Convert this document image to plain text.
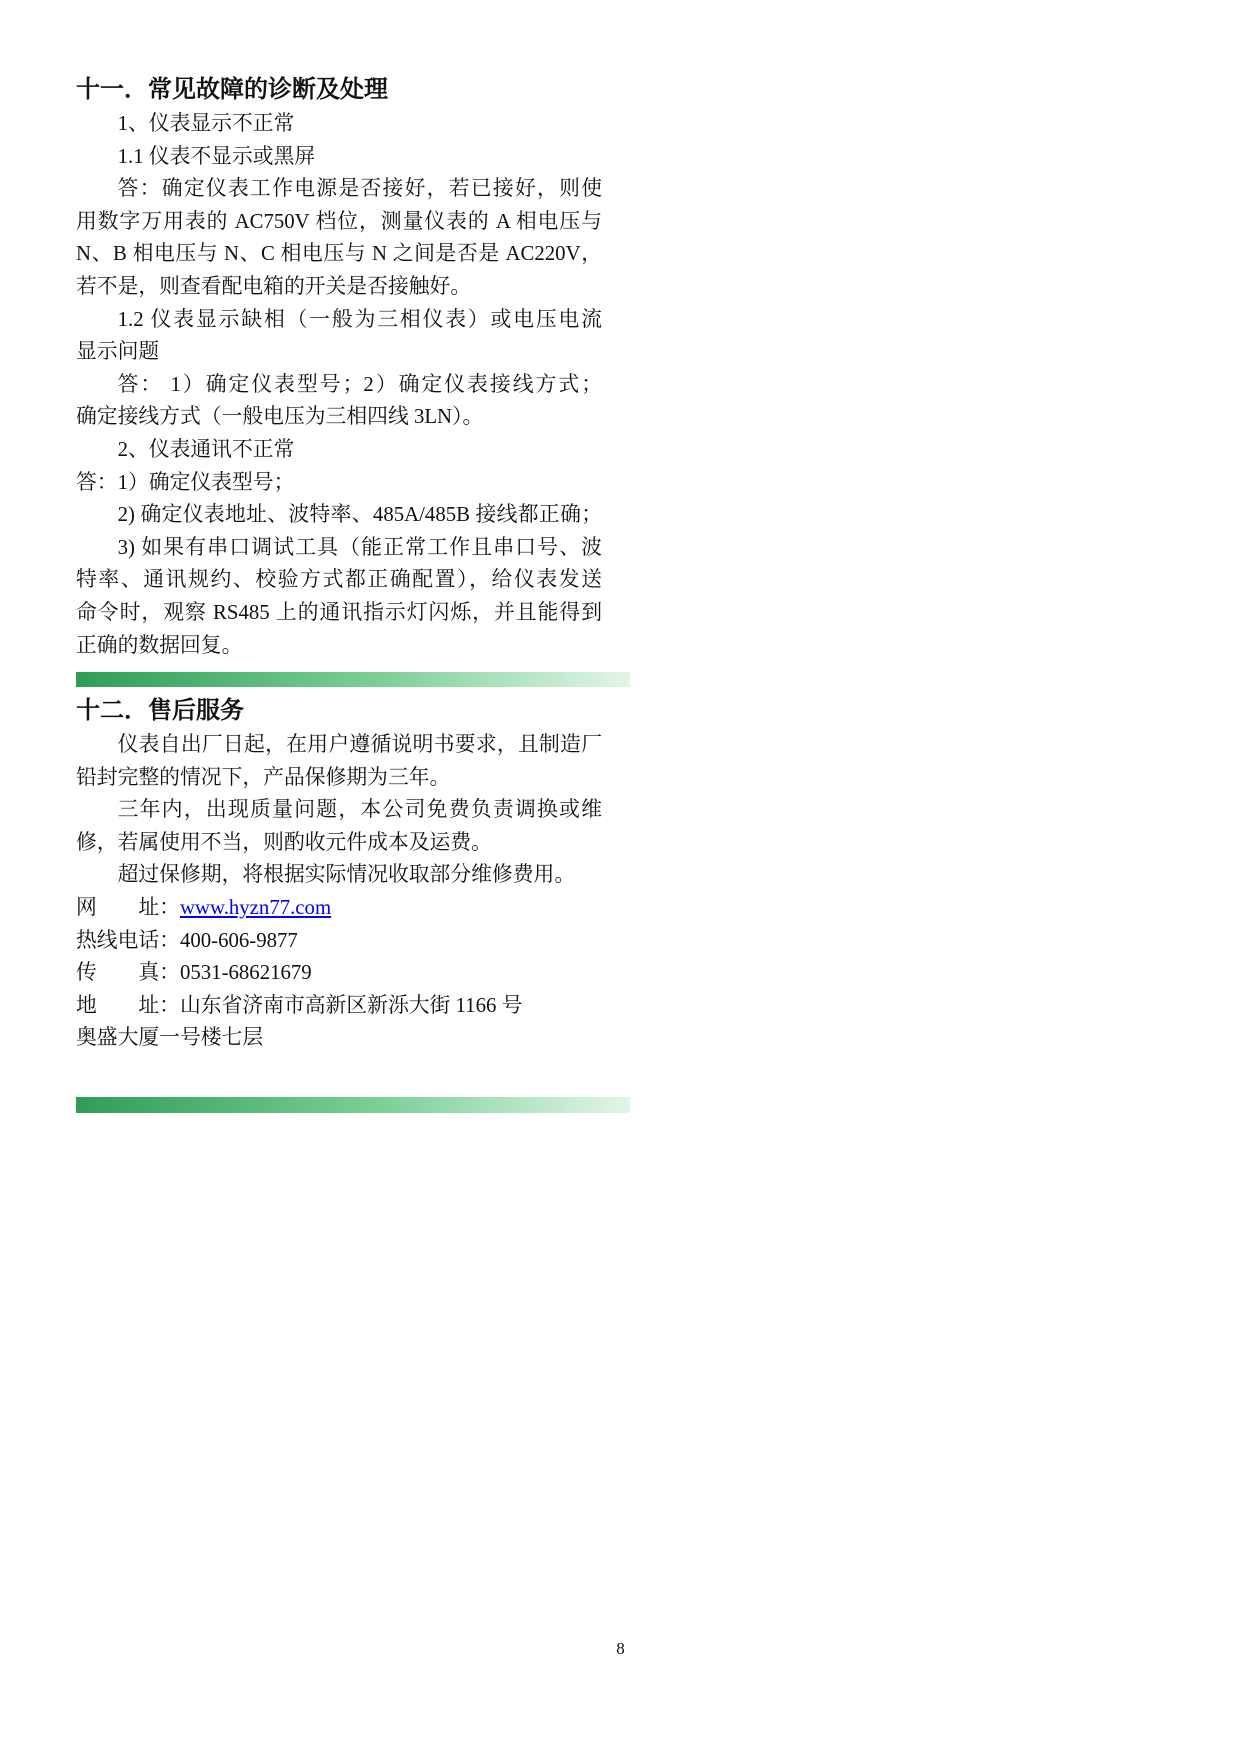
十一．常见故障的诊断及处理
1、仪表显示不正常
1.1 仪表不显示或黑屏
答：确定仪表工作电源是否接好，若已接好，则使
用数字万用表的 AC750V 档位，测量仪表的 A 相电压与
N、B 相电压与 N、C 相电压与 N 之间是否是 AC220V，
若不是，则查看配电箱的开关是否接触好。
1.2 仪表显示缺相（一般为三相仪表）或电压电流
显示问题
答： 1）确定仪表型号；2）确定仪表接线方式；
确定接线方式（一般电压为三相四线 3LN）。
2、仪表通讯不正常
答：1）确定仪表型号；
2) 确定仪表地址、波特率、485A/485B 接线都正确；
3) 如果有串口调试工具（能正常工作且串口号、波
特率、通讯规约、校验方式都正确配置），给仪表发送
命令时，观察 RS485 上的通讯指示灯闪烁，并且能得到
正确的数据回复。
十二．售后服务
仪表自出厂日起，在用户遵循说明书要求，且制造厂
铅封完整的情况下，产品保修期为三年。
三年内，出现质量问题，本公司免费负责调换或维
修，若属使用不当，则酌收元件成本及运费。
超过保修期，将根据实际情况收取部分维修费用。
网　　址：www.hyzn77.com
热线电话：400-606-9877
传　　真：0531-68621679
地　　址：山东省济南市高新区新泺大街 1166 号
奥盛大厦一号楼七层
8
